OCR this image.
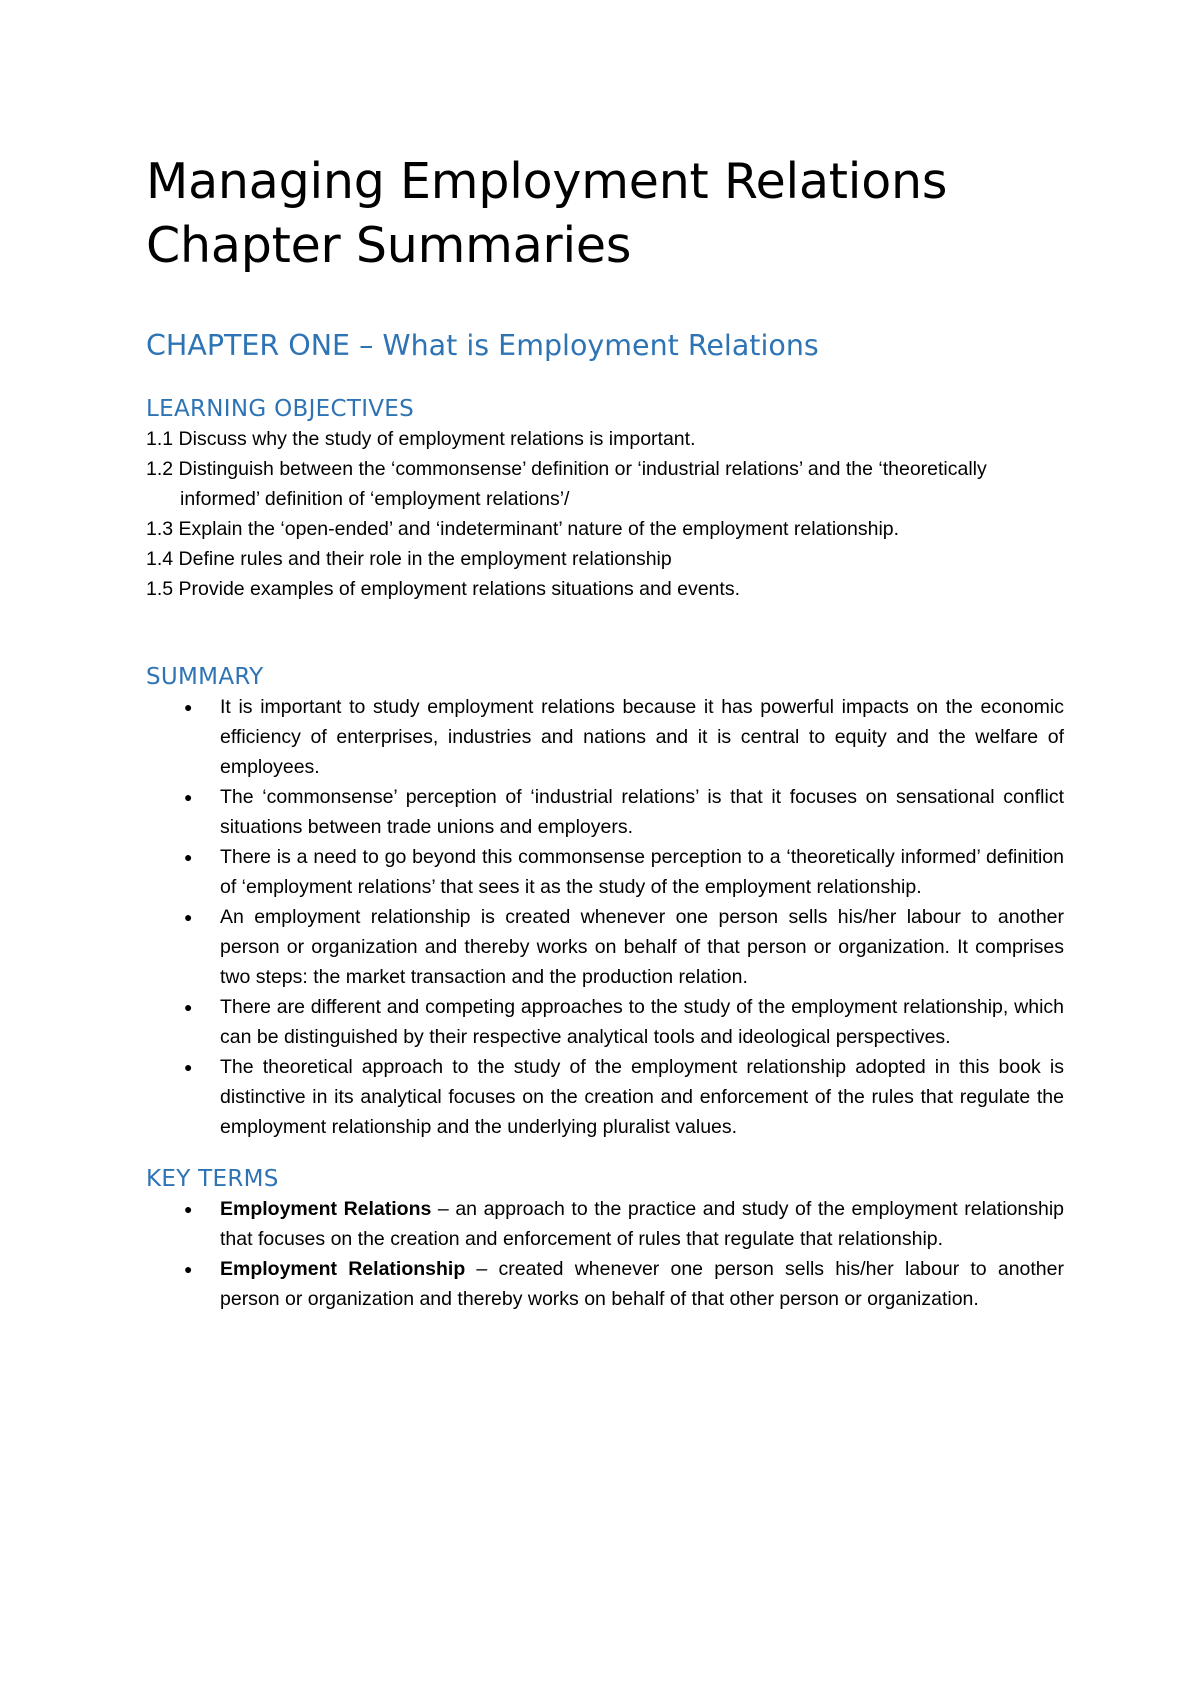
Managing Employment Relations
Chapter Summaries
CHAPTER ONE – What is Employment Relations
LEARNING OBJECTIVES
1.1 Discuss why the study of employment relations is important.
1.2 Distinguish between the ‘commonsense’ definition or ‘industrial relations’ and the ‘theoretically informed’ definition of ‘employment relations’/
1.3 Explain the ‘open-ended’ and ‘indeterminant’ nature of the employment relationship.
1.4 Define rules and their role in the employment relationship
1.5 Provide examples of employment relations situations and events.
SUMMARY
● It is important to study employment relations because it has powerful impacts on the economic efficiency of enterprises, industries and nations and it is central to equity and the welfare of employees.
● The ‘commonsense’ perception of ‘industrial relations’ is that it focuses on sensational conflict situations between trade unions and employers.
● There is a need to go beyond this commonsense perception to a ‘theoretically informed’ definition of ‘employment relations’ that sees it as the study of the employment relationship.
● An employment relationship is created whenever one person sells his/her labour to another person or organization and thereby works on behalf of that person or organization. It comprises two steps: the market transaction and the production relation.
● There are different and competing approaches to the study of the employment relationship, which can be distinguished by their respective analytical tools and ideological perspectives.
● The theoretical approach to the study of the employment relationship adopted in this book is distinctive in its analytical focuses on the creation and enforcement of the rules that regulate the employment relationship and the underlying pluralist values.
KEY TERMS
● Employment Relations – an approach to the practice and study of the employment relationship that focuses on the creation and enforcement of rules that regulate that relationship.
● Employment Relationship – created whenever one person sells his/her labour to another person or organization and thereby works on behalf of that other person or organization.
